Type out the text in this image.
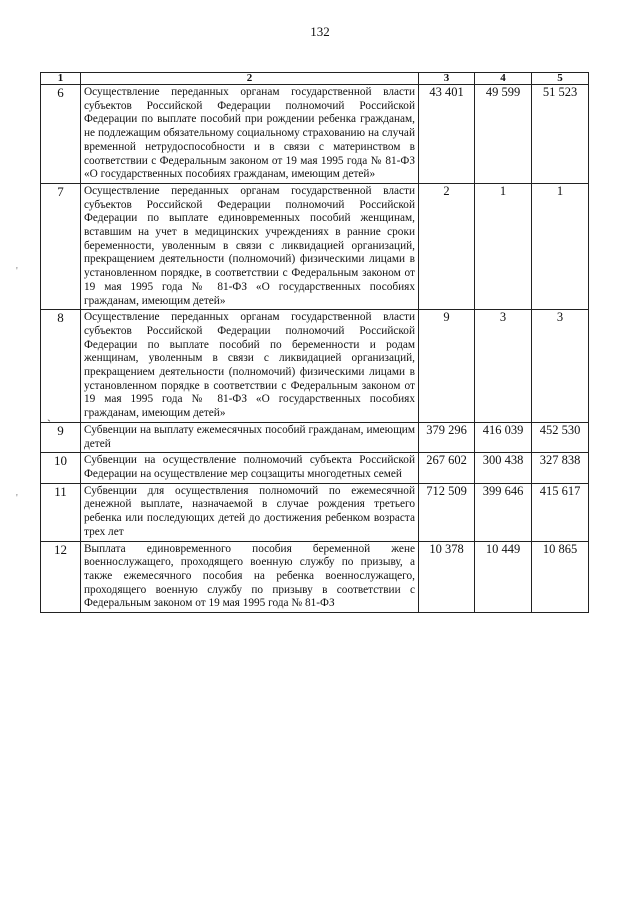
132
'
'
`
1	2	3	4	5
6	Осуществление переданных органам государственной власти субъектов Российской Федерации полномочий Российской Федерации по выплате пособий при рождении ребенка гражданам, не подлежащим обязательному социальному страхованию на случай временной нетрудоспособности и в связи с материнством в соответствии с Федеральным законом от 19 мая 1995 года № 81-ФЗ «О государственных пособиях гражданам, имеющим детей»	43 401	49 599	51 523
7	Осуществление переданных органам государственной власти субъектов Российской Федерации полномочий Российской Федерации по выплате единовременных пособий женщинам, вставшим на учет в медицинских учреждениях в ранние сроки беременности, уволенным в связи с ликвидацией организаций, прекращением деятельности (полномочий) физическими лицами в установленном порядке, в соответствии с Федеральным законом от 19 мая 1995 года № 81-ФЗ «О государственных пособиях гражданам, имеющим детей»	2	1	1
8	Осуществление переданных органам государственной власти субъектов Российской Федерации полномочий Российской Федерации по выплате пособий по беременности и родам женщинам, уволенным в связи с ликвидацией организаций, прекращением деятельности (полномочий) физическими лицами в установленном порядке в соответствии с Федеральным законом от 19 мая 1995 года № 81-ФЗ «О государственных пособиях гражданам, имеющим детей»	9	3	3
9	Субвенции на выплату ежемесячных пособий гражданам, имеющим детей	379 296	416 039	452 530
10	Субвенции на осуществление полномочий субъекта Российской Федерации на осуществление мер соцзащиты многодетных семей	267 602	300 438	327 838
11	Субвенции для осуществления полномочий по ежемесячной денежной выплате, назначаемой в случае рождения третьего ребенка или последующих детей до достижения ребенком возраста трех лет	712 509	399 646	415 617
12	Выплата единовременного пособия беременной жене военнослужащего, проходящего военную службу по призыву, а также ежемесячного пособия на ребенка военнослужащего, проходящего военную службу по призыву в соответствии с Федеральным законом от 19 мая 1995 года № 81-ФЗ	10 378	10 449	10 865
